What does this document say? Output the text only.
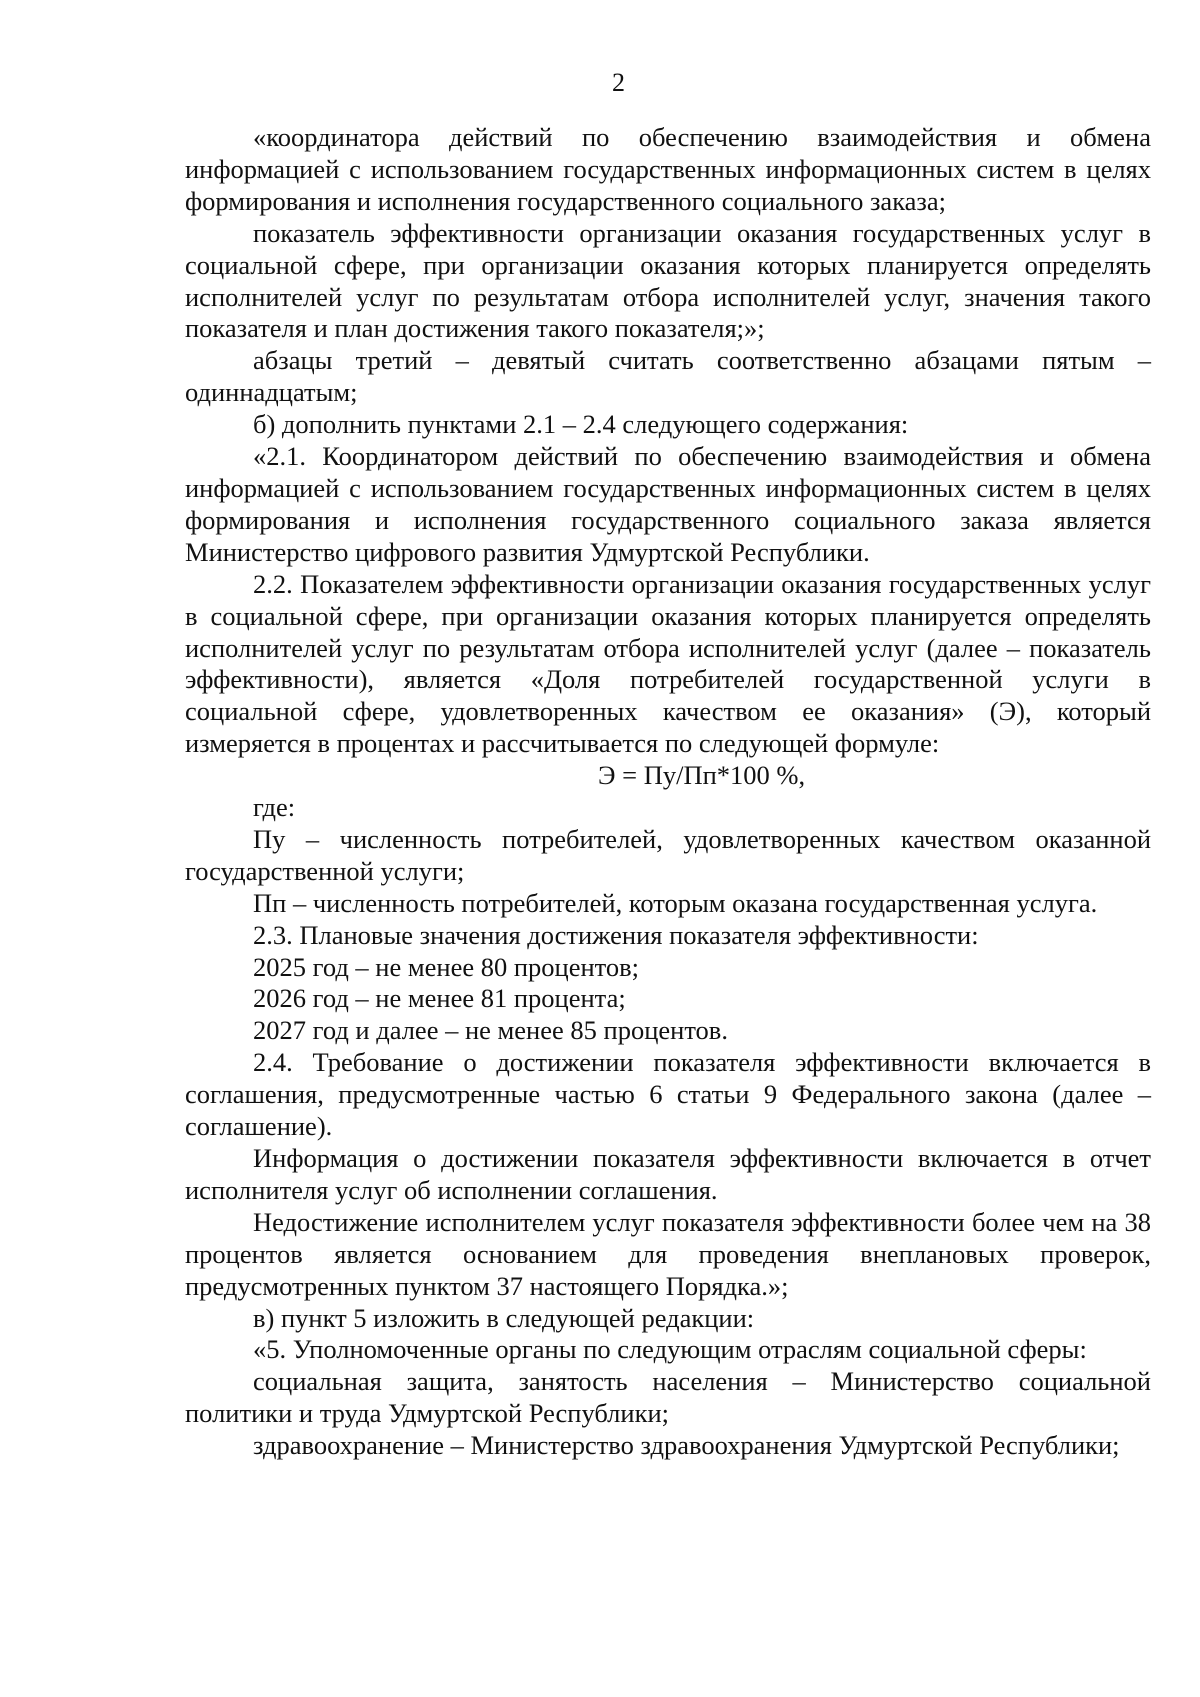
2

«координатора действий по обеспечению взаимодействия и обмена информацией с использованием государственных информационных систем в целях формирования и исполнения государственного социального заказа;

показатель эффективности организации оказания государственных услуг в социальной сфере, при организации оказания которых планируется определять исполнителей услуг по результатам отбора исполнителей услуг, значения такого показателя и план достижения такого показателя;»;

абзацы третий – девятый считать соответственно абзацами пятым – одиннадцатым;

б) дополнить пунктами 2.1 – 2.4 следующего содержания:

«2.1. Координатором действий по обеспечению взаимодействия и обмена информацией с использованием государственных информационных систем в целях формирования и исполнения государственного социального заказа является Министерство цифрового развития Удмуртской Республики.

2.2. Показателем эффективности организации оказания государственных услуг в социальной сфере, при организации оказания которых планируется определять исполнителей услуг по результатам отбора исполнителей услуг (далее – показатель эффективности), является «Доля потребителей государственной услуги в социальной сфере, удовлетворенных качеством ее оказания» (Э), который измеряется в процентах и рассчитывается по следующей формуле:

Э = Пу/Пп*100 %,

где:

Пу – численность потребителей, удовлетворенных качеством оказанной государственной услуги;

Пп – численность потребителей, которым оказана государственная услуга.

2.3. Плановые значения достижения показателя эффективности:

2025 год – не менее 80 процентов;

2026 год – не менее 81 процента;

2027 год и далее – не менее 85 процентов.

2.4. Требование о достижении показателя эффективности включается в соглашения, предусмотренные частью 6 статьи 9 Федерального закона (далее – соглашение).

Информация о достижении показателя эффективности включается в отчет исполнителя услуг об исполнении соглашения.

Недостижение исполнителем услуг показателя эффективности более чем на 38 процентов является основанием для проведения внеплановых проверок, предусмотренных пунктом 37 настоящего Порядка.»;

в) пункт 5 изложить в следующей редакции:

«5. Уполномоченные органы по следующим отраслям социальной сферы:

социальная защита, занятость населения – Министерство социальной политики и труда Удмуртской Республики;

здравоохранение – Министерство здравоохранения Удмуртской Республики;
